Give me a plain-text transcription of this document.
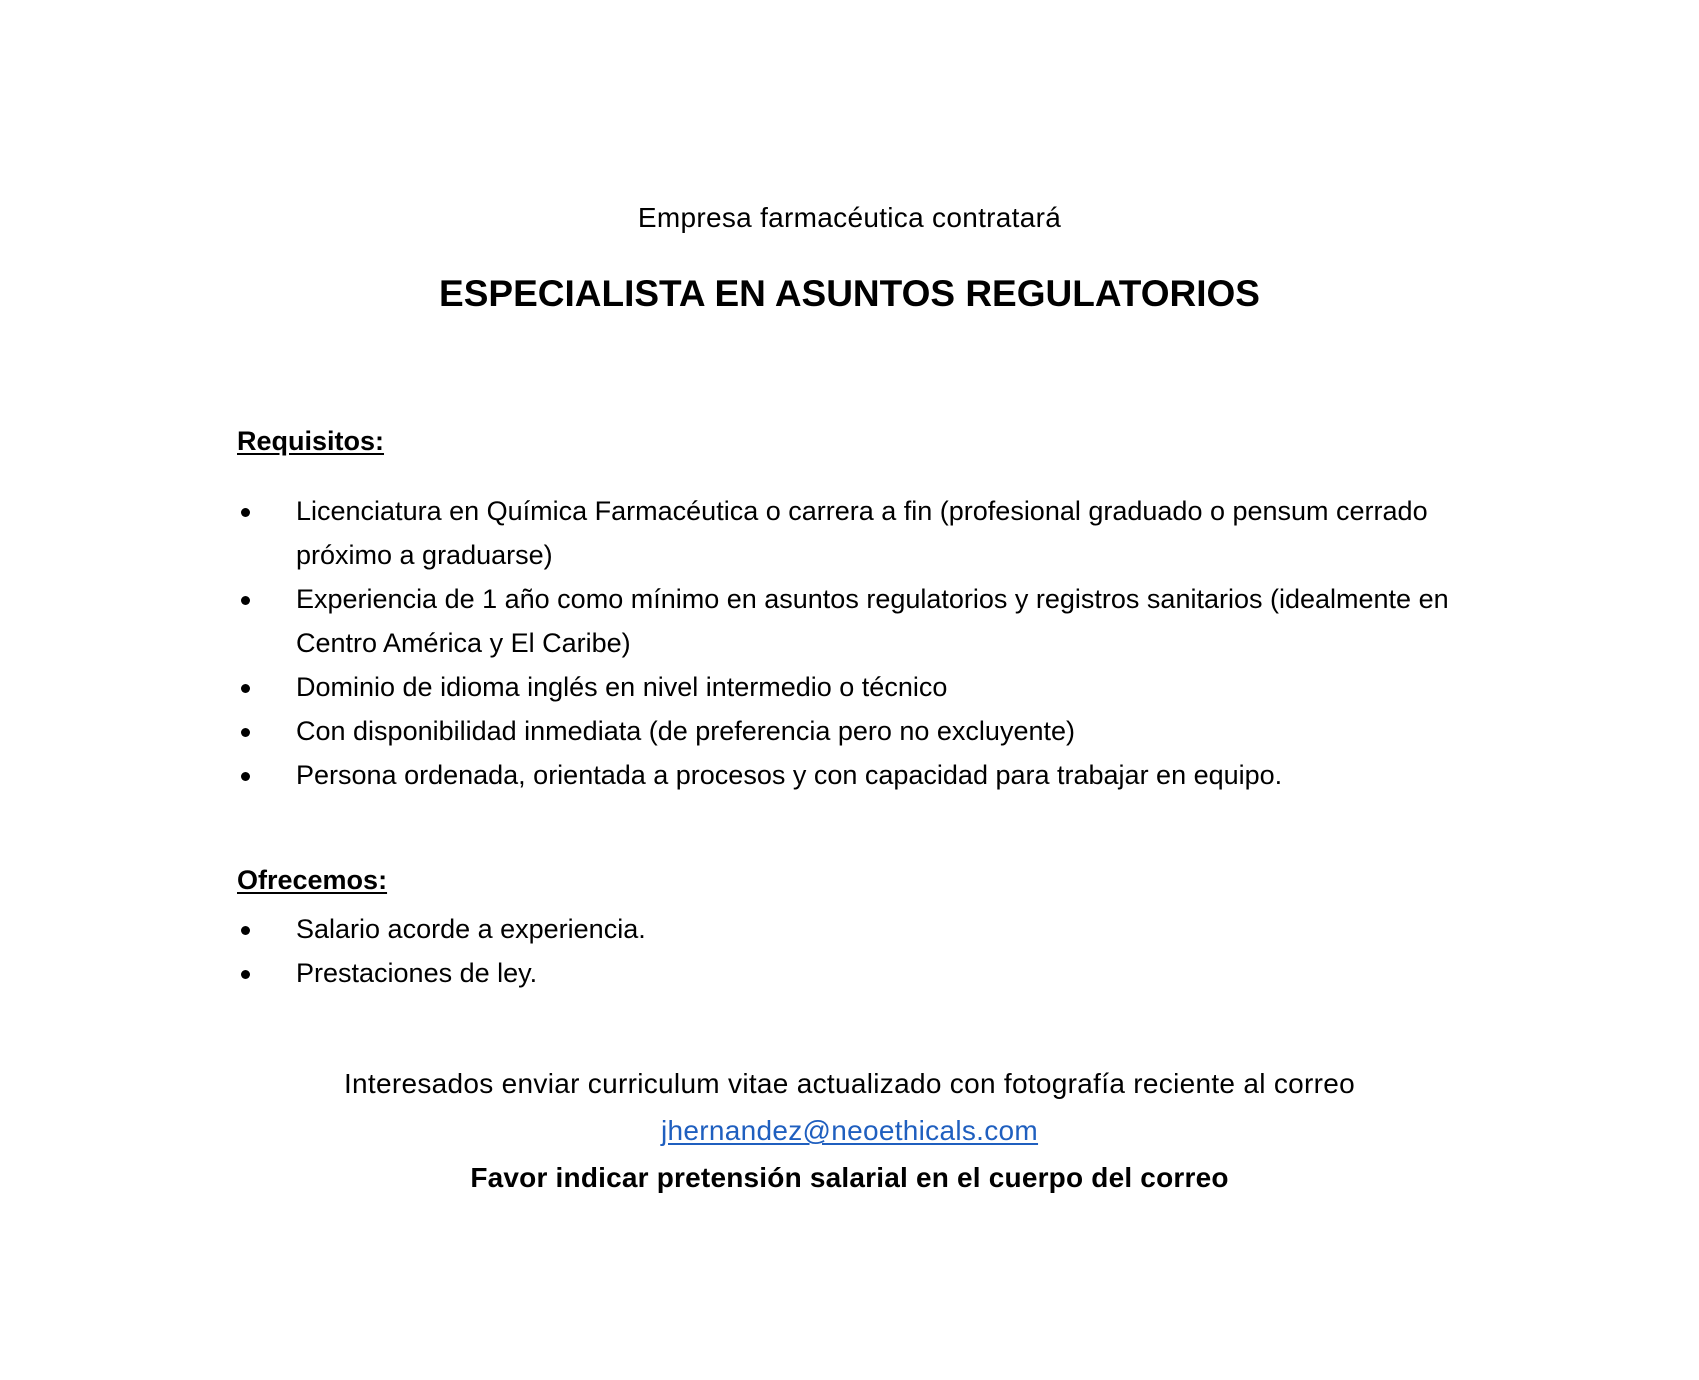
Empresa farmacéutica contratará
ESPECIALISTA EN ASUNTOS REGULATORIOS
Requisitos:
Licenciatura en Química Farmacéutica o carrera a fin (profesional graduado o pensum cerrado próximo a graduarse)
Experiencia de 1 año como mínimo en asuntos regulatorios y registros sanitarios (idealmente en Centro América y El Caribe)
Dominio de idioma inglés en nivel intermedio o técnico
Con disponibilidad inmediata (de preferencia pero no excluyente)
Persona ordenada, orientada a procesos y con capacidad para trabajar en equipo.
Ofrecemos:
Salario acorde a experiencia.
Prestaciones de ley.
Interesados enviar curriculum vitae actualizado con fotografía reciente al correo
jhernandez@neoethicals.com
Favor indicar pretensión salarial en el cuerpo del correo
